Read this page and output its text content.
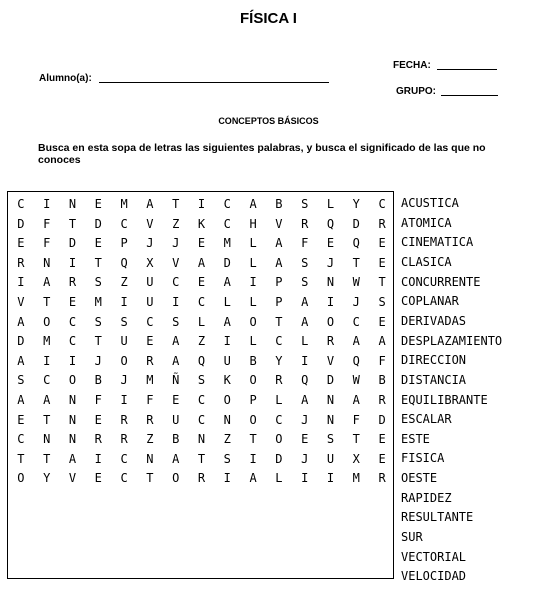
FÍSICA I
Alumno(a):
FECHA:
GRUPO:
CONCEPTOS BÁSICOS
Busca en esta sopa de letras las siguientes palabras, y busca el significado de las que no conoces
C	I	N	E	M	A	T	I	C	A	B	S	L	Y	C
D	F	T	D	C	V	Z	K	C	H	V	R	Q	D	R
E	F	D	E	P	J	J	E	M	L	A	F	E	Q	E
R	N	I	T	Q	X	V	A	D	L	A	S	J	T	E
I	A	R	S	Z	U	C	E	A	I	P	S	N	W	T
V	T	E	M	I	U	I	C	L	L	P	A	I	J	S
A	O	C	S	S	C	S	L	A	O	T	A	O	C	E
D	M	C	T	U	E	A	Z	I	L	C	L	R	A	A
A	I	I	J	O	R	A	Q	U	B	Y	I	V	Q	F
S	C	O	B	J	M	Ñ	S	K	O	R	Q	D	W	B
A	A	N	F	I	F	E	C	O	P	L	A	N	A	R
E	T	N	E	R	R	U	C	N	O	C	J	N	F	D
C	N	N	R	R	Z	B	N	Z	T	O	E	S	T	E
T	T	A	I	C	N	A	T	S	I	D	J	U	X	E
O	Y	V	E	C	T	O	R	I	A	L	I	I	M	R
ACUSTICA
ATOMICA
CINEMATICA
CLASICA
CONCURRENTE
COPLANAR
DERIVADAS
DESPLAZAMIENTO
DIRECCION
DISTANCIA
EQUILIBRANTE
ESCALAR
ESTE
FISICA
OESTE
RAPIDEZ
RESULTANTE
SUR
VECTORIAL
VELOCIDAD
